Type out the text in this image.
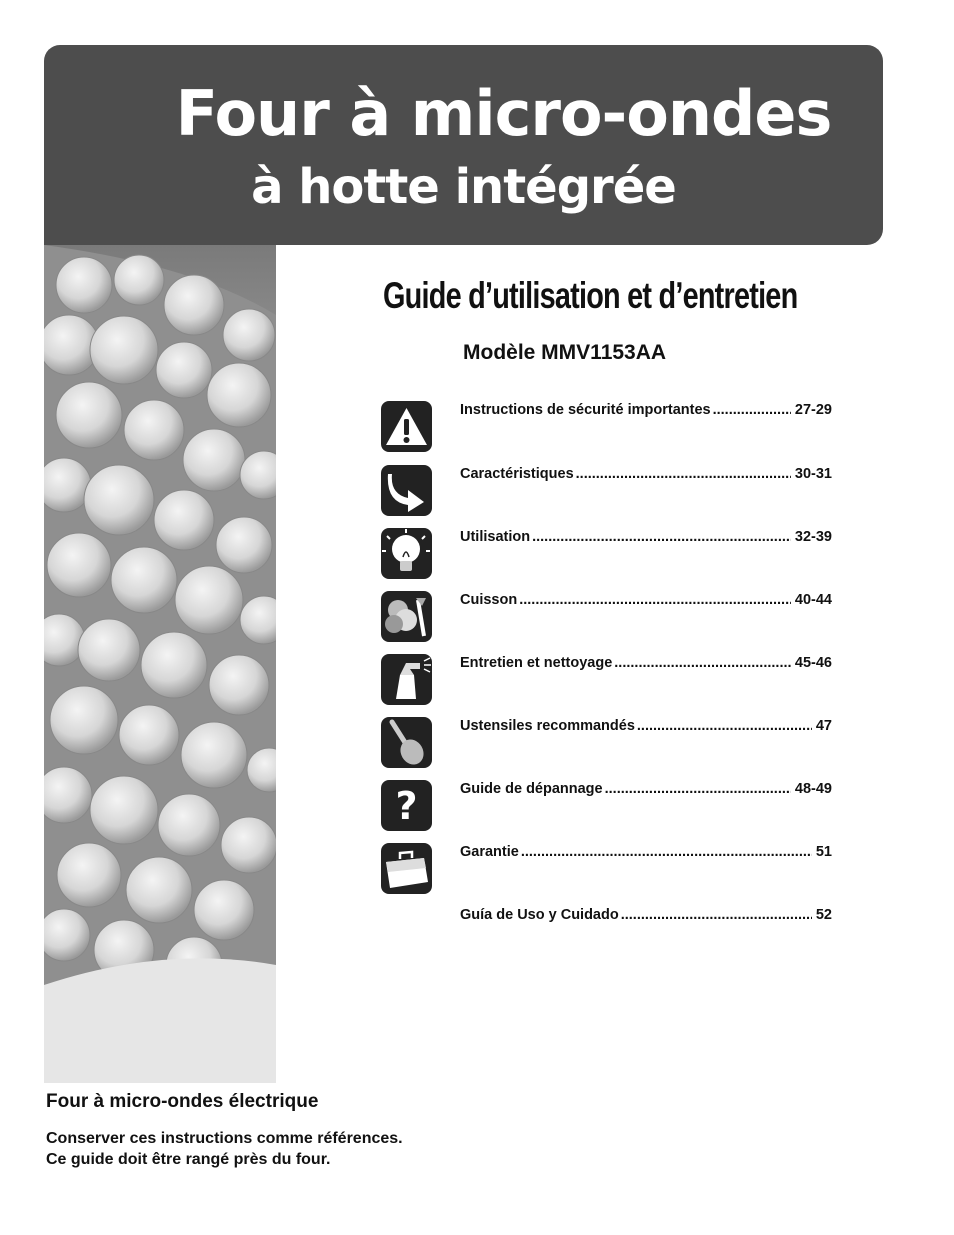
Four à micro-ondes
à hotte intégrée
Guide d’utilisation et d’entretien
Modèle MMV1153AA
Instructions de sécurité importantes .....	27-29
Caractéristiques .....	30-31
Utilisation .....	32-39
Cuisson .....	40-44
Entretien et nettoyage .....	45-46
Ustensiles recommandés .....	47
?	Guide de dépannage .....	48-49
Garantie .....	51
Guía de Uso y Cuidado .....	52
Four à micro-ondes électrique
Conserver ces instructions comme références.
Ce guide doit être rangé près du four.
